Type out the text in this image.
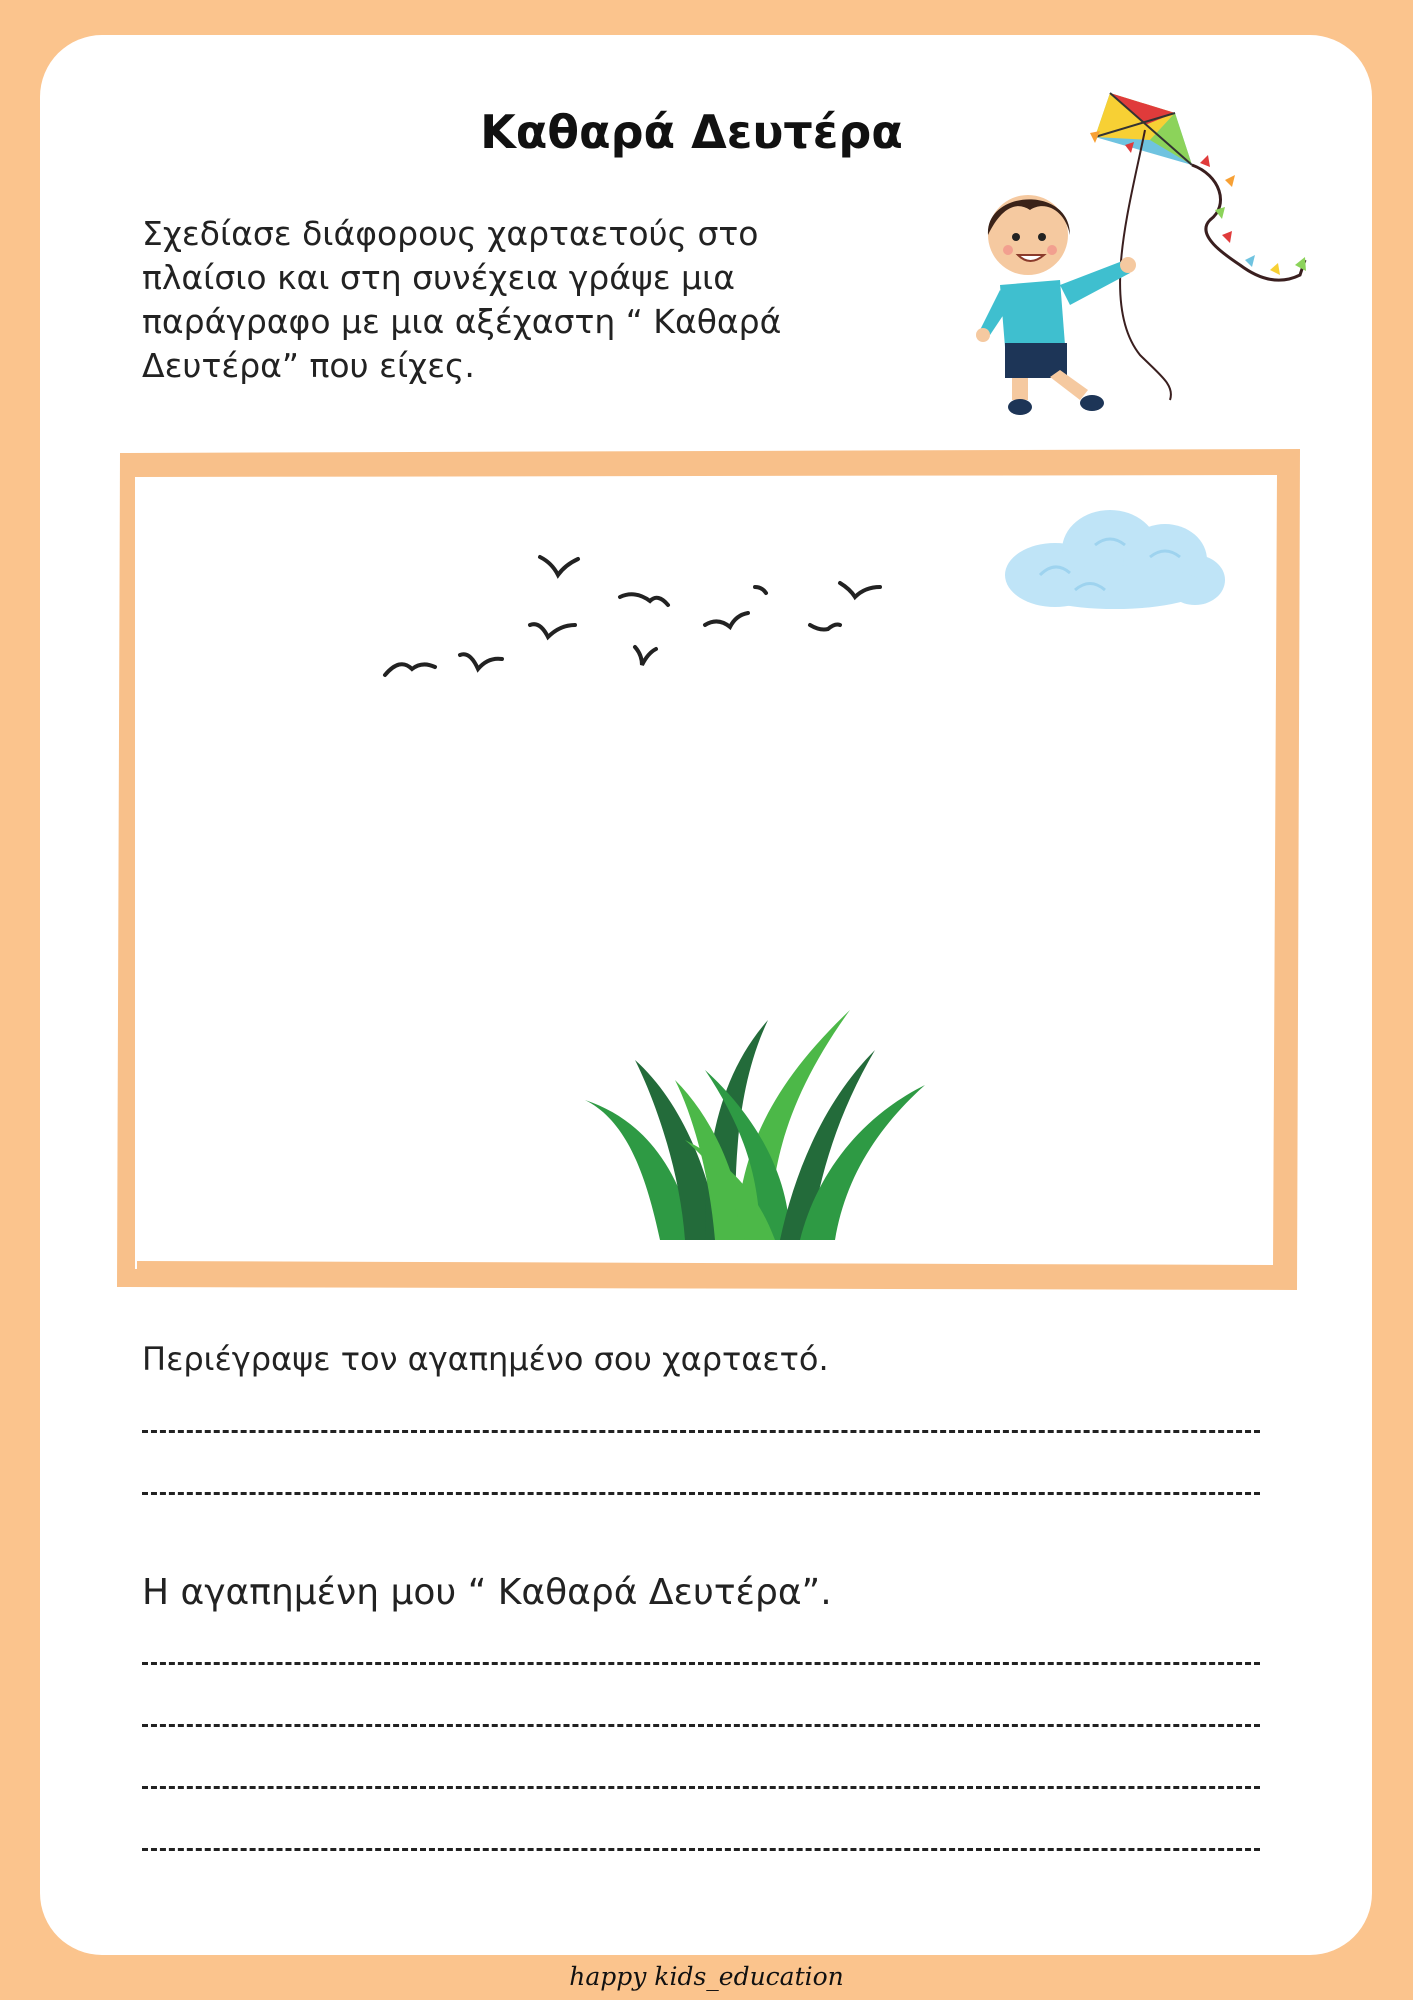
Καθαρά Δευτέρα

Σχεδίασε διάφορους χαρταετούς στο πλαίσιο και στη συνέχεια γράψε μια παράγραφο με μια αξέχαστη “ Καθαρά Δευτέρα” που είχες.

Περιέγραψε τον αγαπημένο σου χαρταετό.

Η αγαπημένη μου “ Καθαρά Δευτέρα”.

happy kids_education
